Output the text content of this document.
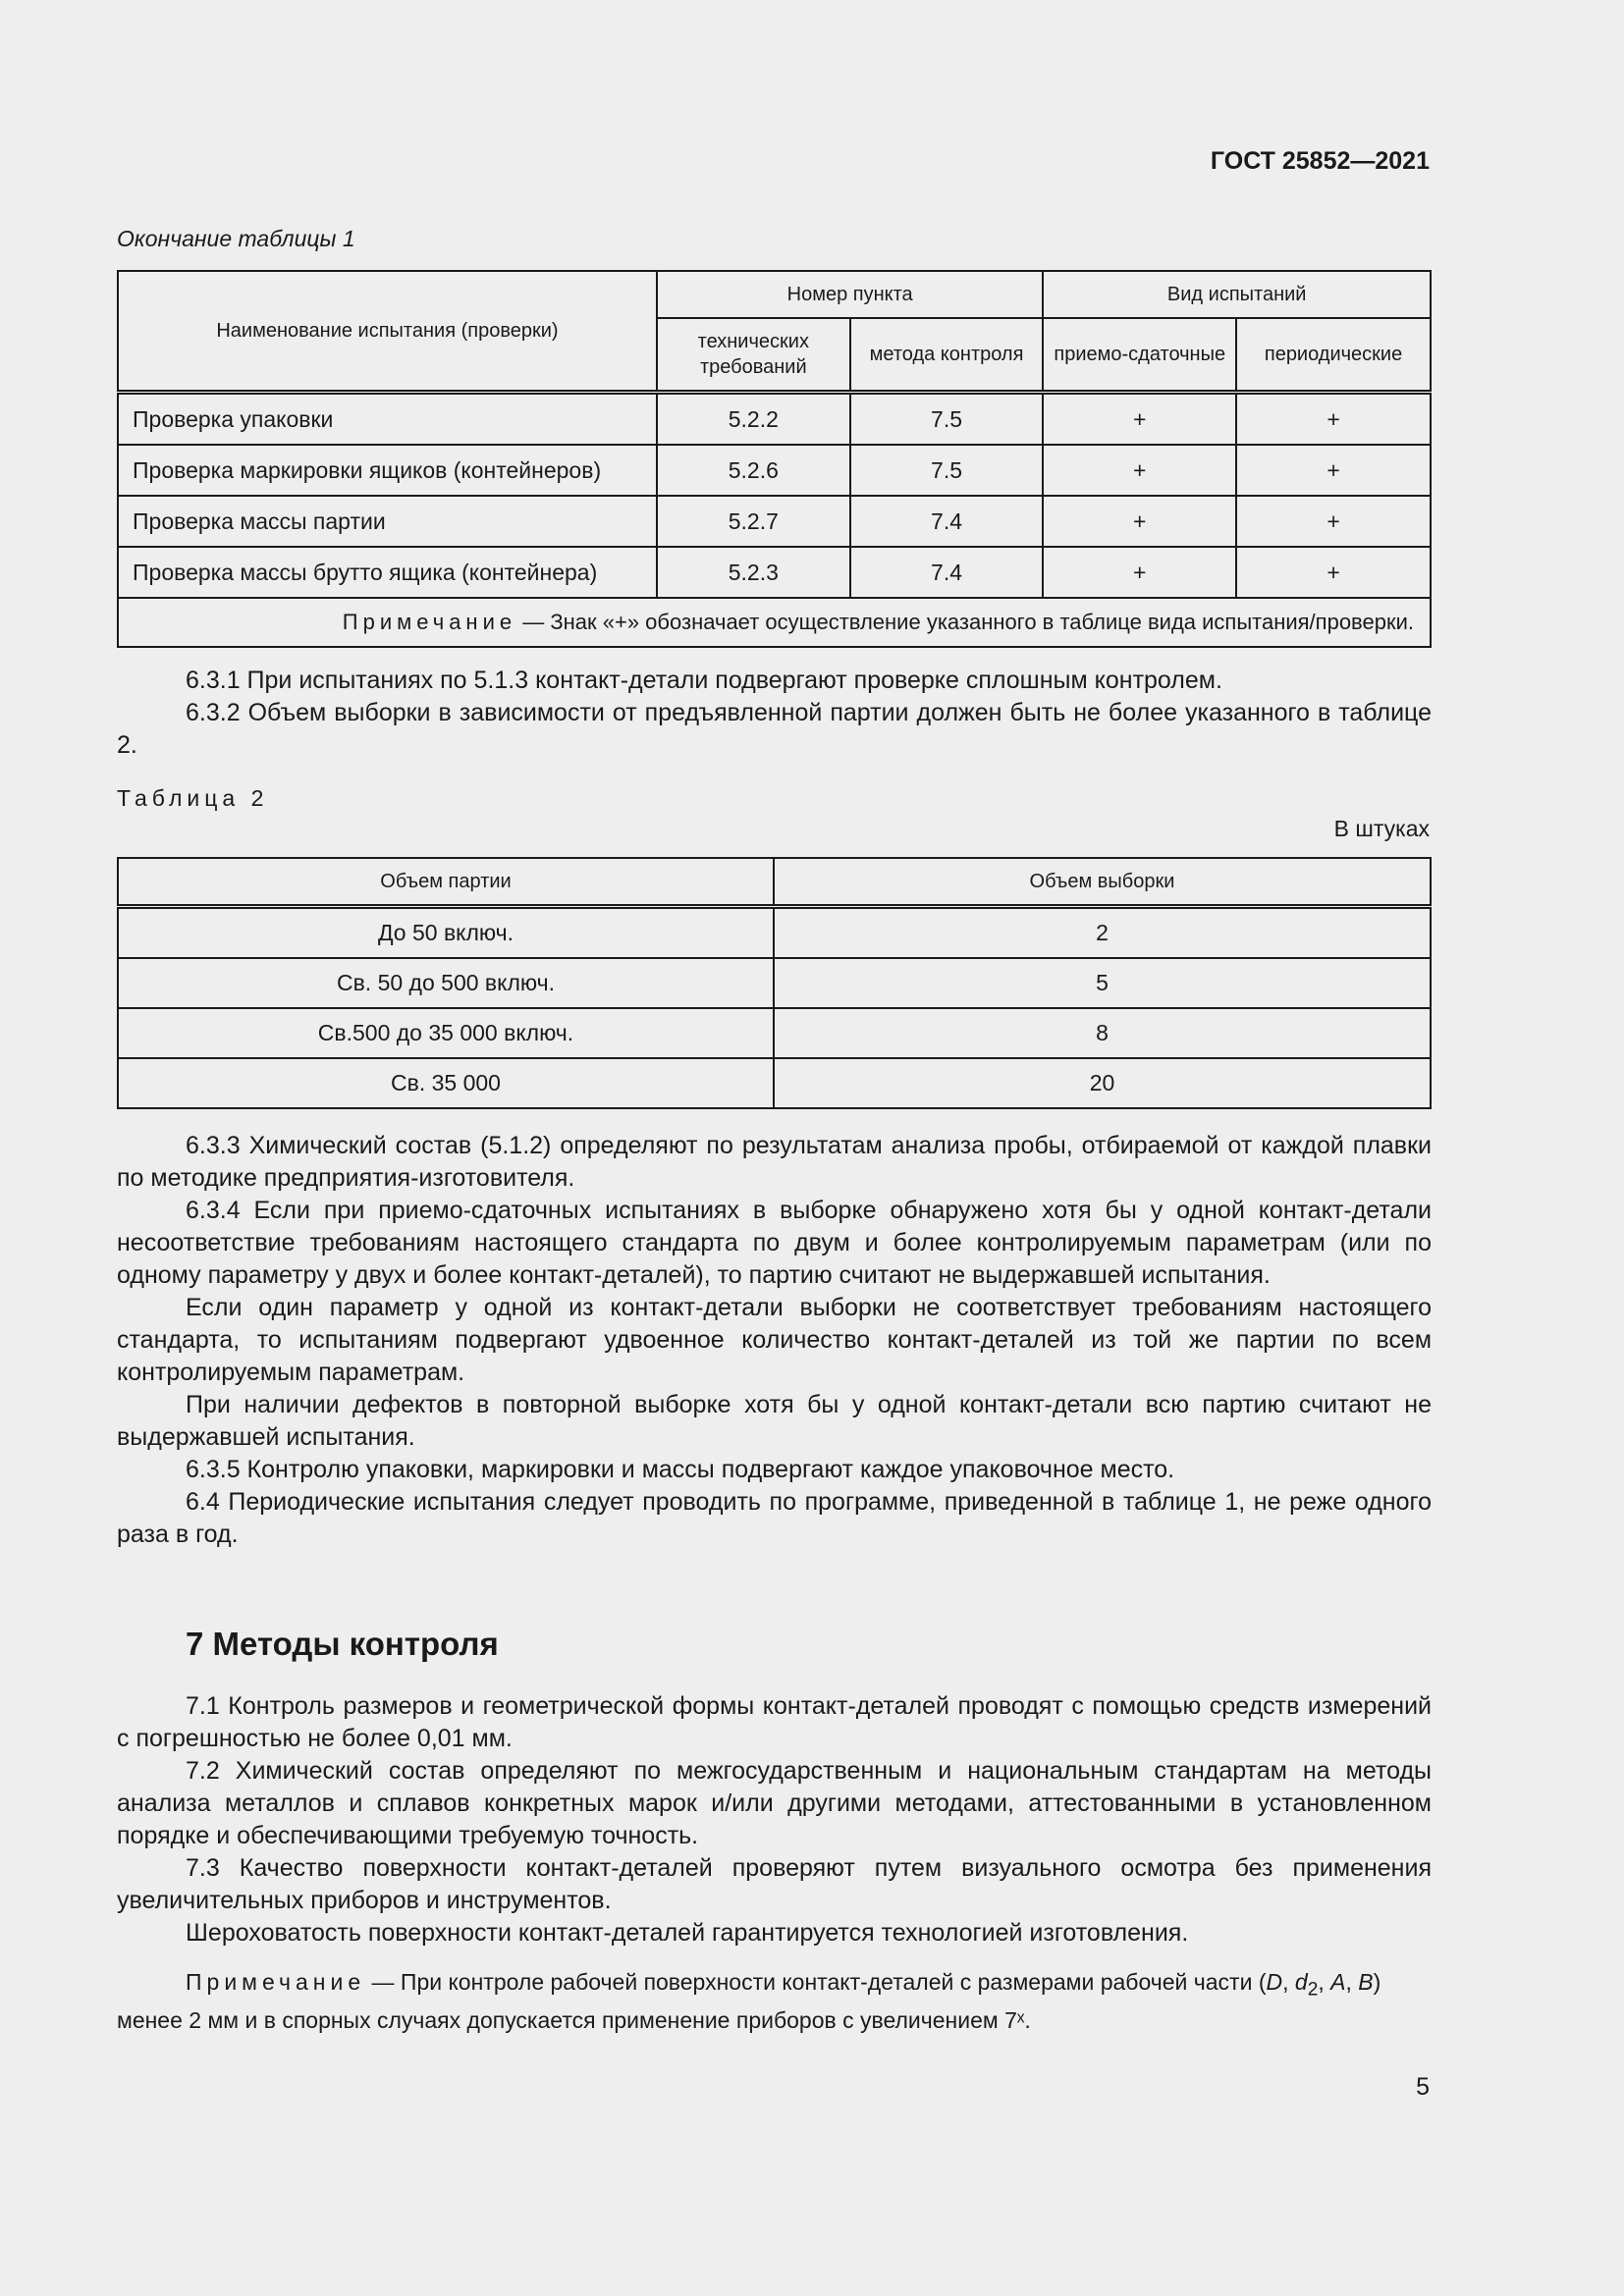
ГОСТ 25852—2021
Окончание таблицы 1
Наименование испытания (проверки)	Номер пункта		Вид испытаний	
	технических требований	метода контроля	приемо-сдаточные	периодические
Проверка упаковки	5.2.2	7.5	+	+
Проверка маркировки ящиков (контейнеров)	5.2.6	7.5	+	+
Проверка массы партии	5.2.7	7.4	+	+
Проверка массы брутто ящика (контейнера)	5.2.3	7.4	+	+
Примечание — Знак «+» обозначает осуществление указанного в таблице вида испытания/проверки.				

6.3.1 При испытаниях по 5.1.3 контакт-детали подвергают проверке сплошным контролем.

6.3.2 Объем выборки в зависимости от предъявленной партии должен быть не более указанного в таблице 2.

Таблица 2
В штуках
Объем партии	Объем выборки
До 50 включ.	2
Св. 50 до 500 включ.	5
Св.500 до 35 000 включ.	8
Св. 35 000	20

6.3.3 Химический состав (5.1.2) определяют по результатам анализа пробы, отбираемой от каждой плавки по методике предприятия-изготовителя.

6.3.4 Если при приемо-сдаточных испытаниях в выборке обнаружено хотя бы у одной контакт-детали несоответствие требованиям настоящего стандарта по двум и более контролируемым параметрам (или по одному параметру у двух и более контакт-деталей), то партию считают не выдержавшей испытания.

Если один параметр у одной из контакт-детали выборки не соответствует требованиям настоящего стандарта, то испытаниям подвергают удвоенное количество контакт-деталей из той же партии по всем контролируемым параметрам.

При наличии дефектов в повторной выборке хотя бы у одной контакт-детали всю партию считают не выдержавшей испытания.

6.3.5 Контролю упаковки, маркировки и массы подвергают каждое упаковочное место.

6.4 Периодические испытания следует проводить по программе, приведенной в таблице 1, не реже одного раза в год.

7 Методы контроля

7.1 Контроль размеров и геометрической формы контакт-деталей проводят с помощью средств измерений с погрешностью не более 0,01 мм.

7.2 Химический состав определяют по межгосударственным и национальным стандартам на методы анализа металлов и сплавов конкретных марок и/или другими методами, аттестованными в установленном порядке и обеспечивающими требуемую точность.

7.3 Качество поверхности контакт-деталей проверяют путем визуального осмотра без применения увеличительных приборов и инструментов.

Шероховатость поверхности контакт-деталей гарантируется технологией изготовления.

Примечание — При контроле рабочей поверхности контакт-деталей с размерами рабочей части (D, $d_2$, A, B) менее 2 мм и в спорных случаях допускается применение приборов с увеличением 7ˣ.

5
